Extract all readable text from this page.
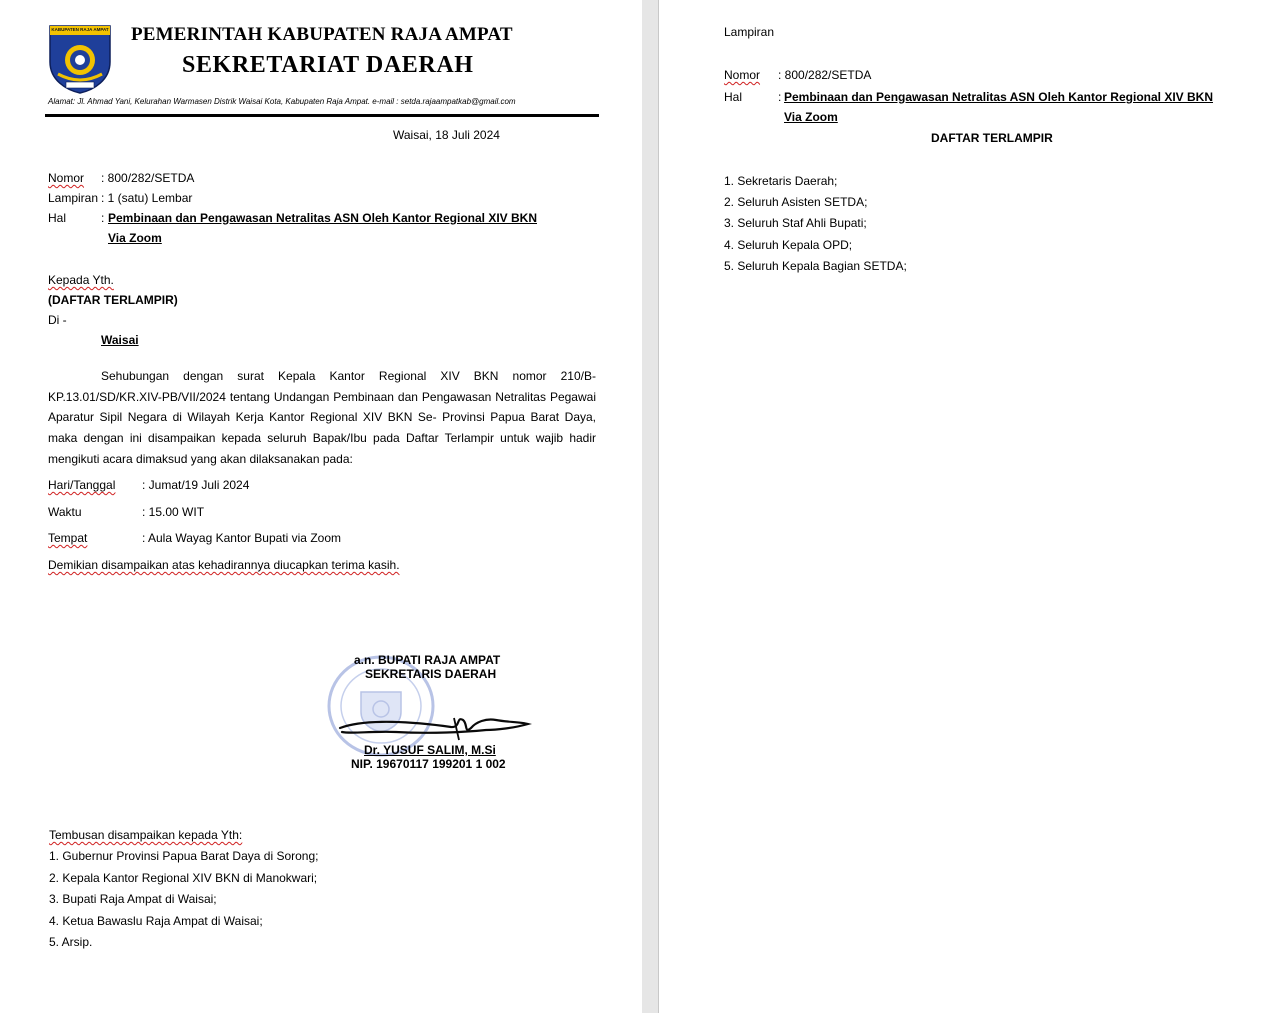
KABUPATEN RAJA AMPAT PEMERINTAH KABUPATEN RAJA AMPAT
SEKRETARIAT DAERAH
Alamat: Jl. Ahmad Yani, Kelurahan Warmasen Distrik Waisai Kota, Kabupaten Raja Ampat. e-mail : setda.rajaampatkab@gmail.com
Waisai, 18 Juli 2024
Nomor : 800/282/SETDA
Lampiran : 1 (satu) Lembar
Hal	: Pembinaan dan Pengawasan Netralitas ASN Oleh Kantor Regional XIV BKN
Via Zoom
Kepada Yth.
(DAFTAR TERLAMPIR)
Di -
Waisai
Sehubungan dengan surat Kepala Kantor Regional XIV BKN nomor 210/B-KP.13.01/SD/KR.XIV-PB/VII/2024 tentang Undangan Pembinaan dan Pengawasan Netralitas Pegawai Aparatur Sipil Negara di Wilayah Kerja Kantor Regional XIV BKN Se- Provinsi Papua Barat Daya, maka dengan ini disampaikan kepada seluruh Bapak/Ibu pada Daftar Terlampir untuk wajib hadir mengikuti acara dimaksud yang akan dilaksanakan pada:
Hari/Tanggal : Jumat/19 Juli 2024
Waktu	: 15.00 WIT
Tempat	: Aula Wayag Kantor Bupati via Zoom
Demikian disampaikan atas kehadirannya diucapkan terima kasih.
a.n. BUPATI RAJA AMPAT
SEKRETARIS DAERAH
Dr. YUSUF SALIM, M.Si
NIP. 19670117 199201 1 002
Tembusan disampaikan kepada Yth:
1. Gubernur Provinsi Papua Barat Daya di Sorong;
2. Kepala Kantor Regional XIV BKN di Manokwari;
3. Bupati Raja Ampat di Waisai;
4. Ketua Bawaslu Raja Ampat di Waisai;
5. Arsip.
Lampiran
Nomor : 800/282/SETDA
Hal	: Pembinaan dan Pengawasan Netralitas ASN Oleh Kantor Regional XIV BKN
Via Zoom
DAFTAR TERLAMPIR
1. Sekretaris Daerah;
2. Seluruh Asisten SETDA;
3. Seluruh Staf Ahli Bupati;
4. Seluruh Kepala OPD;
5. Seluruh Kepala Bagian SETDA;
